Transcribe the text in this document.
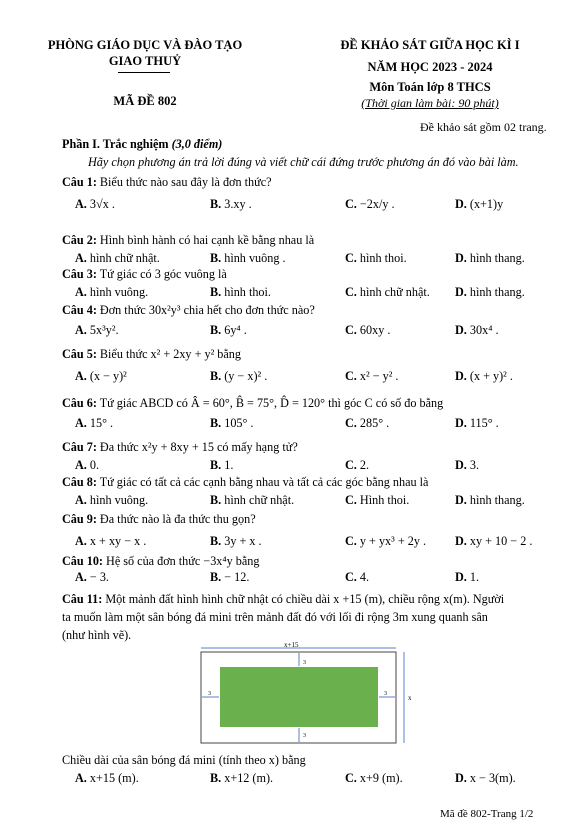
PHÒNG GIÁO DỤC VÀ ĐÀO TẠO
GIAO THUỶ
MÃ ĐỀ 802
ĐỀ KHẢO SÁT GIỮA HỌC KÌ I
NĂM HỌC 2023 - 2024
Môn Toán lớp 8 THCS
(Thời gian làm bài: 90 phút)
Đề khảo sát gồm 02 trang.
Phần I. Trắc nghiệm (3,0 điểm)
Hãy chọn phương án trả lời đúng và viết chữ cái đứng trước phương án đó vào bài làm.
Câu 1: Biểu thức nào sau đây là đơn thức?
A. 3√x .	B. 3.xy .	C. −2x/y .	D. (x+1)y
Câu 2: Hình bình hành có hai cạnh kề bằng nhau là
A. hình chữ nhật.	B. hình vuông .	C. hình thoi.	D. hình thang.
Câu 3: Tứ giác có 3 góc vuông là
A. hình vuông.	B. hình thoi.	C. hình chữ nhật. D. hình thang.
Câu 4: Đơn thức 30x²y³ chia hết cho đơn thức nào?
A. 5x³y².	B. 6y⁴ .	C. 60xy .	D. 30x⁴ .
Câu 5: Biểu thức x² + 2xy + y² bằng
A. (x − y)²	B. (y − x)² .	C. x² − y² .	D. (x + y)² .
Câu 6: Tứ giác ABCD có Â = 60°, B̂ = 75°, D̂ = 120° thì góc C có số đo bằng
A. 15° .	B. 105° .	C. 285° .	D. 115° .
Câu 7: Đa thức x²y + 8xy + 15 có mấy hạng tử?
A. 0.	B. 1.	C. 2.	D. 3.
Câu 8: Tứ giác có tất cả các cạnh bằng nhau và tất cả các góc bằng nhau là
A. hình vuông.	B. hình chữ nhật.	C. Hình thoi.	D. hình thang.
Câu 9: Đa thức nào là đa thức thu gọn?
A. x + xy − x .	B. 3y + x .	C. y + yx³ + 2y . D. xy + 10 − 2 .
Câu 10: Hệ số của đơn thức −3x⁴y bằng
A. − 3.	B. − 12.	C. 4.	D. 1.
Câu 11: Một mảnh đất hình hình chữ nhật có chiều dài x +15 (m), chiều rộng x(m). Người
ta muốn làm một sân bóng đá mini trên mảnh đất đó với lối đi rộng 3m xung quanh sân
(như hình vẽ).
x+15
x
3
3
3	3
Chiều dài của sân bóng đá mini (tính theo x) bằng
A. x+15 (m).	B. x+12 (m).	C. x+9 (m).	D. x − 3(m).
Mã đề 802-Trang 1/2
